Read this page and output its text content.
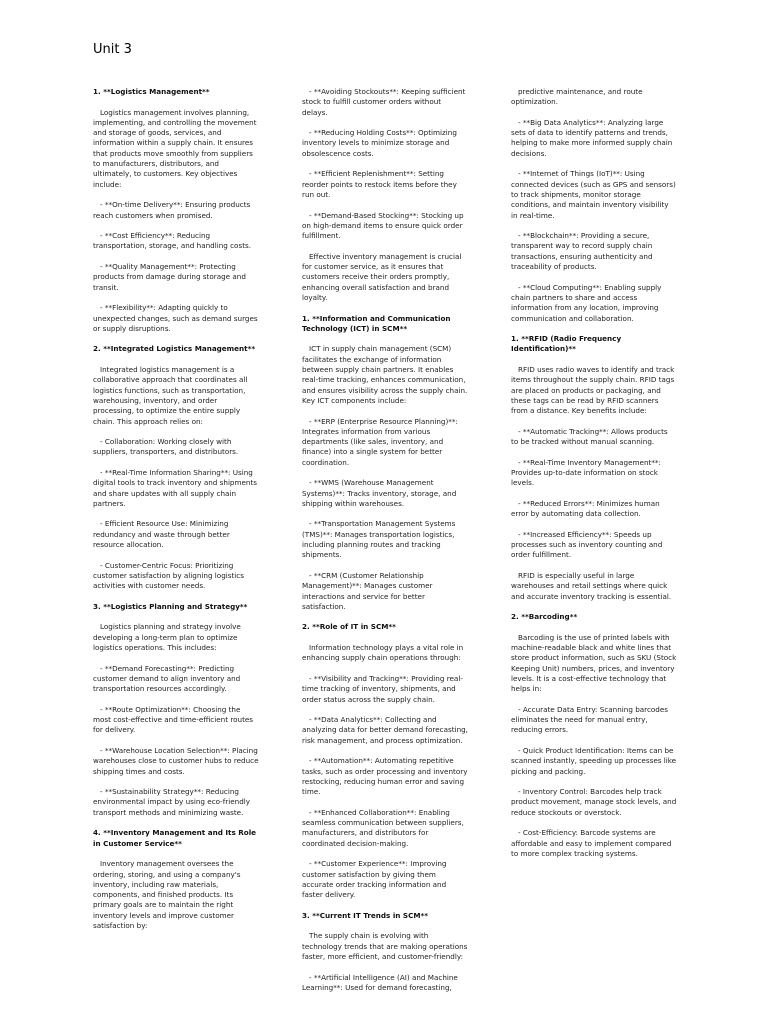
Unit 3

1. **Logistics Management**

Logistics management involves planning, implementing, and controlling the movement and storage of goods, services, and information within a supply chain. It ensures that products move smoothly from suppliers to manufacturers, distributors, and ultimately, to customers. Key objectives include:

- **On-time Delivery**: Ensuring products reach customers when promised.

- **Cost Efficiency**: Reducing transportation, storage, and handling costs.

- **Quality Management**: Protecting products from damage during storage and transit.

- **Flexibility**: Adapting quickly to unexpected changes, such as demand surges or supply disruptions.

2. **Integrated Logistics Management**

Integrated logistics management is a collaborative approach that coordinates all logistics functions, such as transportation, warehousing, inventory, and order processing, to optimize the entire supply chain. This approach relies on:

- Collaboration: Working closely with suppliers, transporters, and distributors.

- **Real-Time Information Sharing**: Using digital tools to track inventory and shipments and share updates with all supply chain partners.

- Efficient Resource Use: Minimizing redundancy and waste through better resource allocation.

- Customer-Centric Focus: Prioritizing customer satisfaction by aligning logistics activities with customer needs.

3. **Logistics Planning and Strategy**

Logistics planning and strategy involve developing a long-term plan to optimize logistics operations. This includes:

- **Demand Forecasting**: Predicting customer demand to align inventory and transportation resources accordingly.

- **Route Optimization**: Choosing the most cost-effective and time-efficient routes for delivery.

- **Warehouse Location Selection**: Placing warehouses close to customer hubs to reduce shipping times and costs.

- **Sustainability Strategy**: Reducing environmental impact by using eco-friendly transport methods and minimizing waste.

4. **Inventory Management and Its Role in Customer Service**

Inventory management oversees the ordering, storing, and using a company's inventory, including raw materials, components, and finished products. Its primary goals are to maintain the right inventory levels and improve customer satisfaction by:

- **Avoiding Stockouts**: Keeping sufficient stock to fulfill customer orders without delays.

- **Reducing Holding Costs**: Optimizing inventory levels to minimize storage and obsolescence costs.

- **Efficient Replenishment**: Setting reorder points to restock items before they run out.

- **Demand-Based Stocking**: Stocking up on high-demand items to ensure quick order fulfillment.

Effective inventory management is crucial for customer service, as it ensures that customers receive their orders promptly, enhancing overall satisfaction and brand loyalty.

1. **Information and Communication Technology (ICT) in SCM**

ICT in supply chain management (SCM) facilitates the exchange of information between supply chain partners. It enables real-time tracking, enhances communication, and ensures visibility across the supply chain. Key ICT components include:

- **ERP (Enterprise Resource Planning)**: Integrates information from various departments (like sales, inventory, and finance) into a single system for better coordination.

- **WMS (Warehouse Management Systems)**: Tracks inventory, storage, and shipping within warehouses.

- **Transportation Management Systems (TMS)**: Manages transportation logistics, including planning routes and tracking shipments.

- **CRM (Customer Relationship Management)**: Manages customer interactions and service for better satisfaction.

2. **Role of IT in SCM**

Information technology plays a vital role in enhancing supply chain operations through:

- **Visibility and Tracking**: Providing real-time tracking of inventory, shipments, and order status across the supply chain.

- **Data Analytics**: Collecting and analyzing data for better demand forecasting, risk management, and process optimization.

- **Automation**: Automating repetitive tasks, such as order processing and inventory restocking, reducing human error and saving time.

- **Enhanced Collaboration**: Enabling seamless communication between suppliers, manufacturers, and distributors for coordinated decision-making.

- **Customer Experience**: Improving customer satisfaction by giving them accurate order tracking information and faster delivery.

3. **Current IT Trends in SCM**

The supply chain is evolving with technology trends that are making operations faster, more efficient, and customer-friendly:

- **Artificial Intelligence (AI) and Machine Learning**: Used for demand forecasting,

predictive maintenance, and route optimization.

- **Big Data Analytics**: Analyzing large sets of data to identify patterns and trends, helping to make more informed supply chain decisions.

- **Internet of Things (IoT)**: Using connected devices (such as GPS and sensors) to track shipments, monitor storage conditions, and maintain inventory visibility in real-time.

- **Blockchain**: Providing a secure, transparent way to record supply chain transactions, ensuring authenticity and traceability of products.

- **Cloud Computing**: Enabling supply chain partners to share and access information from any location, improving communication and collaboration.

1. **RFID (Radio Frequency Identification)**

RFID uses radio waves to identify and track items throughout the supply chain. RFID tags are placed on products or packaging, and these tags can be read by RFID scanners from a distance. Key benefits include:

- **Automatic Tracking**: Allows products to be tracked without manual scanning.

- **Real-Time Inventory Management**: Provides up-to-date information on stock levels.

- **Reduced Errors**: Minimizes human error by automating data collection.

- **Increased Efficiency**: Speeds up processes such as inventory counting and order fulfillment.

RFID is especially useful in large warehouses and retail settings where quick and accurate inventory tracking is essential.

2. **Barcoding**

Barcoding is the use of printed labels with machine-readable black and white lines that store product information, such as SKU (Stock Keeping Unit) numbers, prices, and inventory levels. It is a cost-effective technology that helps in:

- Accurate Data Entry: Scanning barcodes eliminates the need for manual entry, reducing errors.

- Quick Product Identification: Items can be scanned instantly, speeding up processes like picking and packing.

- Inventory Control: Barcodes help track product movement, manage stock levels, and reduce stockouts or overstock.

- Cost-Efficiency: Barcode systems are affordable and easy to implement compared to more complex tracking systems.
